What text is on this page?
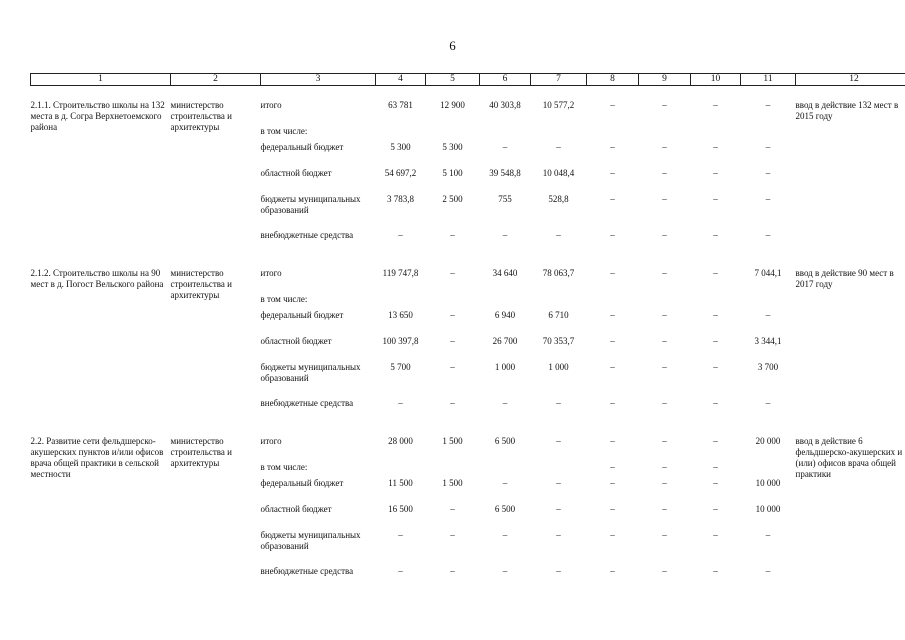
6
1	2	3	4	5	6	7	8	9	10	11	12

2.1.1. Строительство школы на 132 места в д. Согра Верхнетоемского района	министерство строительства и архитектуры	итого	63 781	12 900	40 303,8	10 577,2	–	–	–	–	ввод в действие 132 мест в 2015 году
		в том числе:									
		федеральный бюджет	5 300	5 300	–	–	–	–	–	–	
		областной бюджет	54 697,2	5 100	39 548,8	10 048,4	–	–	–	–	
		бюджеты муниципальных образований	3 783,8	2 500	755	528,8	–	–	–	–	
		внебюджетные средства	–	–	–	–	–	–	–	–	

2.1.2. Строительство школы на 90 мест в д. Погост Вельского района	министерство строительства и архитектуры	итого	119 747,8	–	34 640	78 063,7	–	–	–	7 044,1	ввод в действие 90 мест в 2017 году
		в том числе:									
		федеральный бюджет	13 650	–	6 940	6 710	–	–	–	–	
		областной бюджет	100 397,8	–	26 700	70 353,7	–	–	–	3 344,1	
		бюджеты муниципальных образований	5 700	–	1 000	1 000	–	–	–	3 700	
		внебюджетные средства	–	–	–	–	–	–	–	–	

2.2. Развитие сети фельдшерско-акушерских пунктов и/или офисов врача общей практики в сельской местности	министерство строительства и архитектуры	итого	28 000	1 500	6 500	–	–	–	–	20 000	ввод в действие 6 фельдшерско-акушерских и (или) офисов врача общей практики
		в том числе:					–	–	–		
		федеральный бюджет	11 500	1 500	–	–	–	–	–	10 000	
		областной бюджет	16 500	–	6 500	–	–	–	–	10 000	
		бюджеты муниципальных образований	–	–	–	–	–	–	–	–	
		внебюджетные средства	–	–	–	–	–	–	–	–	
